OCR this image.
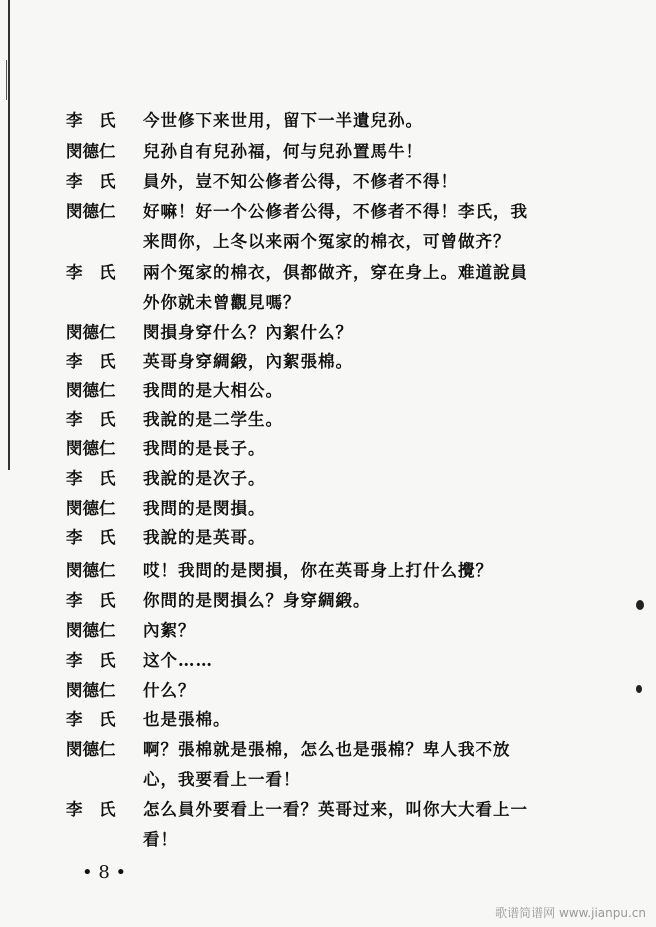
李　氏	今世修下来世用，留下一半遺兒孙。
閔德仁	兒孙自有兒孙福，何与兒孙置馬牛！
李　氏	員外，豈不知公修者公得，不修者不得！
閔德仁	好嘛！好一个公修者公得，不修者不得！李氏，我
来問你，上冬以来兩个冤家的棉衣，可曾做齐？
李　氏	兩个冤家的棉衣，俱都做齐，穿在身上。难道說員
外你就未曾觀見嗎？
閔德仁	閔損身穿什么？內絮什么？
李　氏	英哥身穿綢緞，內絮張棉。
閔德仁	我問的是大相公。
李　氏	我說的是二学生。
閔德仁	我問的是長子。
李　氏	我說的是次子。
閔德仁	我問的是閔損。
李　氏	我說的是英哥。
閔德仁	哎！我問的是閔損，你在英哥身上打什么攪？
李　氏	你問的是閔損么？身穿綢緞。
閔德仁	內絮？
李　氏	这个……
閔德仁	什么？
李　氏	也是張棉。
閔德仁	啊？張棉就是張棉，怎么也是張棉？卑人我不放
心，我要看上一看！
李　氏	怎么員外要看上一看？英哥过来，叫你大大看上一
看！
• 8 •
歌谱简谱网 www.jianpu.cn
